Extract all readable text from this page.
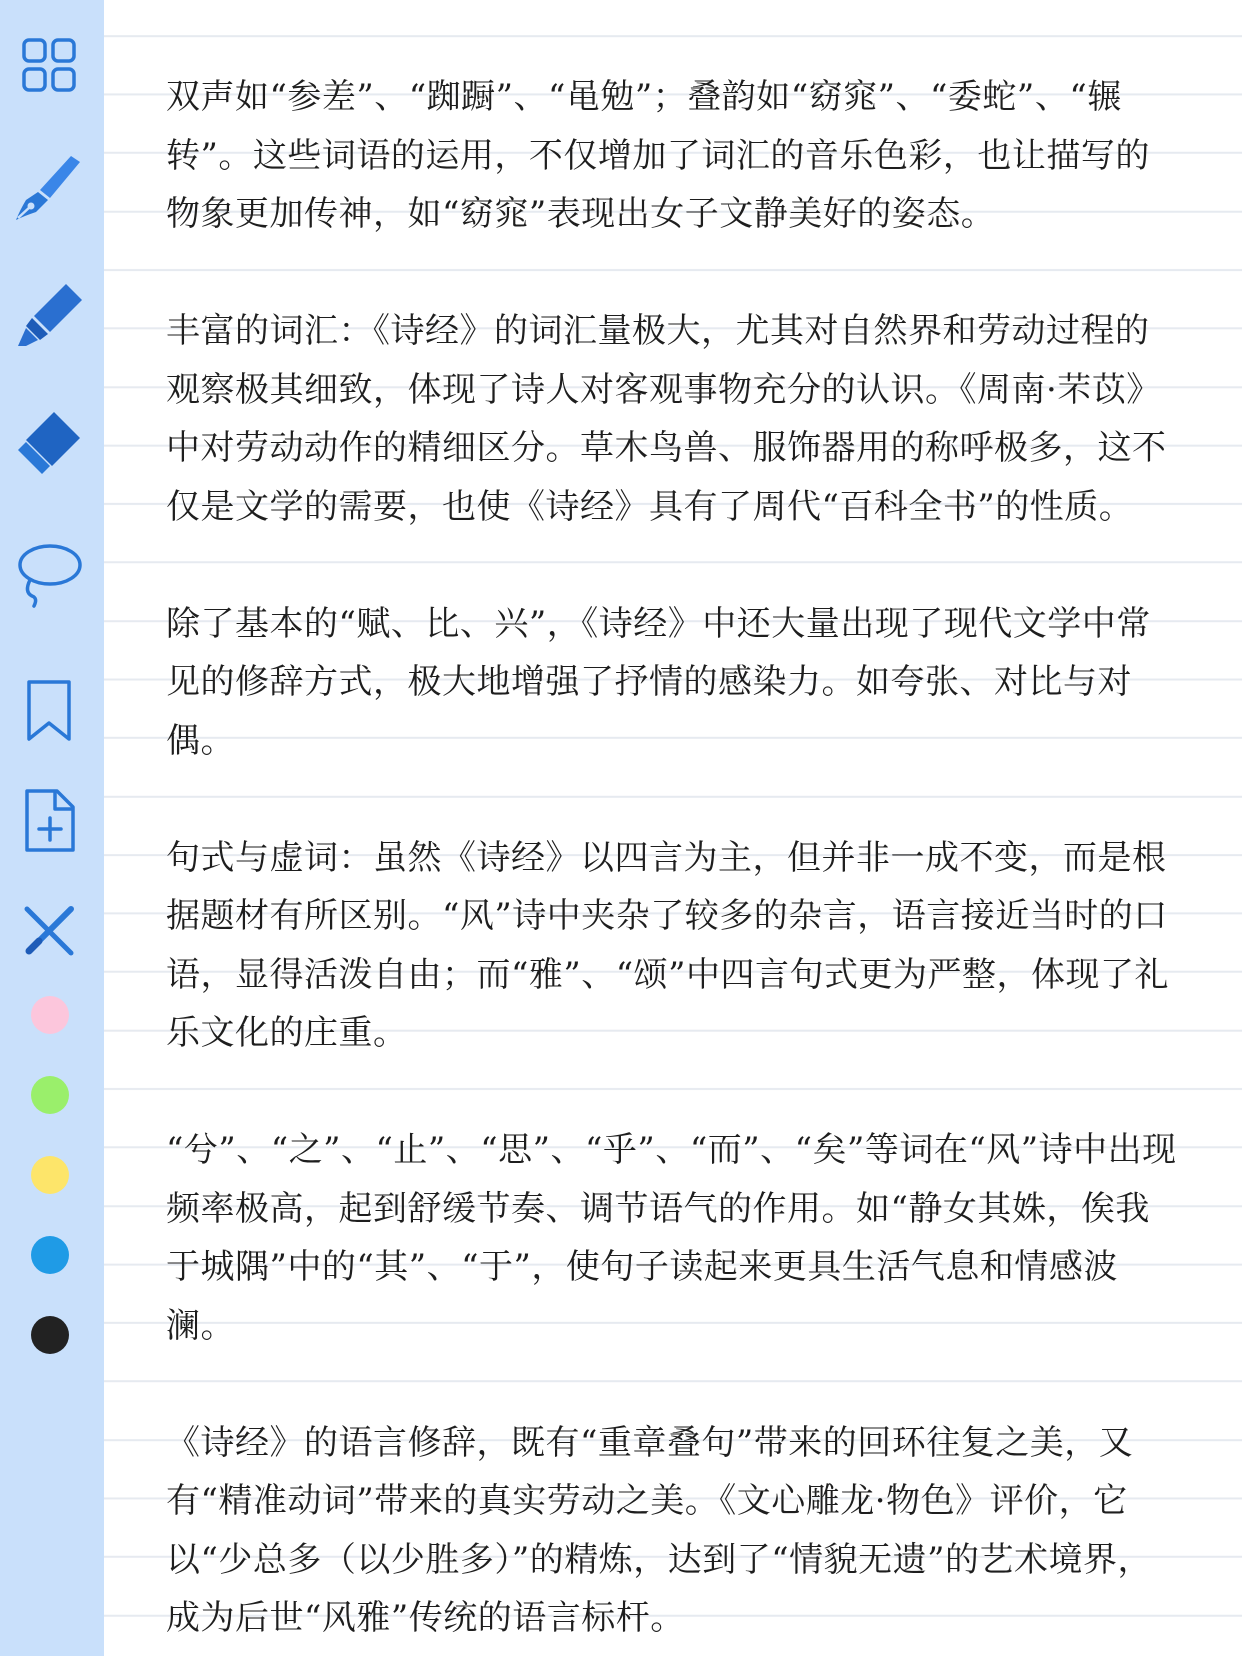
双声如“参差”、“踟蹰”、“黾勉”；叠韵如“窈窕”、“委蛇”、“辗转”。这些词语的运用，不仅增加了词汇的音乐色彩，也让描写的物象更加传神，如“窈窕”表现出女子文静美好的姿态。

丰富的词汇：《诗经》的词汇量极大，尤其对自然界和劳动过程的观察极其细致，体现了诗人对客观事物充分的认识。《周南·芣苡》中对劳动动作的精细区分。草木鸟兽、服饰器用的称呼极多，这不仅是文学的需要，也使《诗经》具有了周代“百科全书”的性质。

除了基本的“赋、比、兴”，《诗经》中还大量出现了现代文学中常见的修辞方式，极大地增强了抒情的感染力。如夸张、对比与对偶。

句式与虚词：虽然《诗经》以四言为主，但并非一成不变，而是根据题材有所区别。“风”诗中夹杂了较多的杂言，语言接近当时的口语，显得活泼自由；而“雅”、“颂”中四言句式更为严整，体现了礼乐文化的庄重。

“兮”、“之”、“止”、“思”、“乎”、“而”、“矣”等词在“风”诗中出现频率极高，起到舒缓节奏、调节语气的作用。如“静女其姝，俟我于城隅”中的“其”、“于”，使句子读起来更具生活气息和情感波澜。

《诗经》的语言修辞，既有“重章叠句”带来的回环往复之美，又有“精准动词”带来的真实劳动之美。《文心雕龙·物色》评价，它以“少总多（以少胜多）”的精炼，达到了“情貌无遗”的艺术境界，成为后世“风雅”传统的语言标杆。
